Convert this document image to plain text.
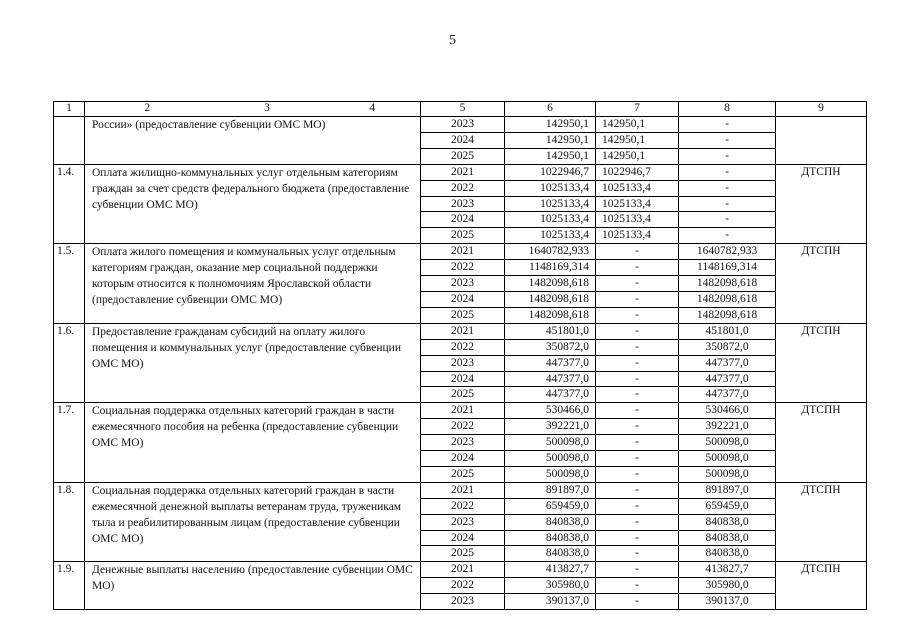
5
1	2	3	4	5	6	7	8	9
	России» (предоставление субвенции ОМС МО)			2023	142950,1	142950,1	-	
				2024	142950,1	142950,1	-	
				2025	142950,1	142950,1	-	
1.4.	Оплата жилищно-коммунальных услуг отдельным категориям граждан за счет средств федерального бюджета (предоставление субвенции ОМС МО)			2021	1022946,7	1022946,7	-	ДТСПН
				2022	1025133,4	1025133,4	-	
				2023	1025133,4	1025133,4	-	
				2024	1025133,4	1025133,4	-	
				2025	1025133,4	1025133,4	-	
1.5.	Оплата жилого помещения и коммунальных услуг отдельным категориям граждан, оказание мер социальной поддержки которым относится к полномочиям Ярославской области (предоставление субвенции ОМС МО)			2021	1640782,933	-	1640782,933	ДТСПН
				2022	1148169,314	-	1148169,314	
				2023	1482098,618	-	1482098,618	
				2024	1482098,618	-	1482098,618	
				2025	1482098,618	-	1482098,618	
1.6.	Предоставление гражданам субсидий на оплату жилого помещения и коммунальных услуг (предоставление субвенции ОМС МО)			2021	451801,0	-	451801,0	ДТСПН
				2022	350872,0	-	350872,0	
				2023	447377,0	-	447377,0	
				2024	447377,0	-	447377,0	
				2025	447377,0	-	447377,0	
1.7.	Социальная поддержка отдельных категорий граждан в части ежемесячного пособия на ребенка (предоставление субвенции ОМС МО)			2021	530466,0	-	530466,0	ДТСПН
				2022	392221,0	-	392221,0	
				2023	500098,0	-	500098,0	
				2024	500098,0	-	500098,0	
				2025	500098,0	-	500098,0	
1.8.	Социальная поддержка отдельных категорий граждан в части ежемесячной денежной выплаты ветеранам труда, труженикам тыла и реабилитированным лицам (предоставление субвенции ОМС МО)			2021	891897,0	-	891897,0	ДТСПН
				2022	659459,0	-	659459,0	
				2023	840838,0	-	840838,0	
				2024	840838,0	-	840838,0	
				2025	840838,0	-	840838,0	
1.9.	Денежные выплаты населению (предоставление субвенции ОМС МО)			2021	413827,7	-	413827,7	ДТСПН
				2022	305980,0	-	305980,0	
				2023	390137,0	-	390137,0	
